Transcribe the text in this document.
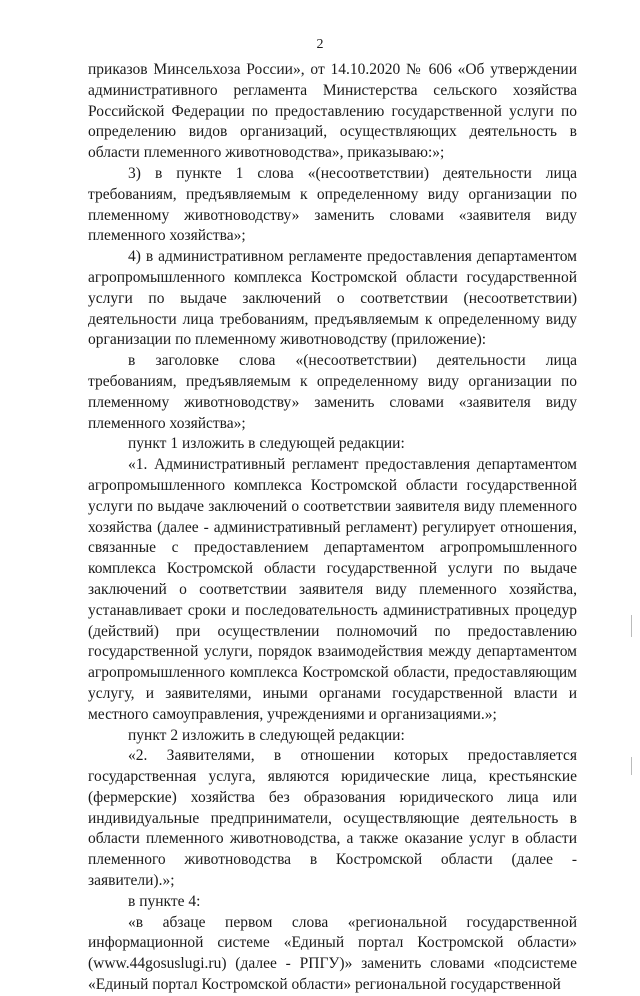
2

приказов Минсельхоза России», от 14.10.2020 № 606 «Об утверждении административного регламента Министерства сельского хозяйства Российской Федерации по предоставлению государственной услуги по определению видов организаций, осуществляющих деятельность в области племенного животноводства», приказываю:»;

3) в пункте 1 слова «(несоответствии) деятельности лица требованиям, предъявляемым к определенному виду организации по племенному животноводству» заменить словами «заявителя виду племенного хозяйства»;

4) в административном регламенте предоставления департаментом агропромышленного комплекса Костромской области государственной услуги по выдаче заключений о соответствии (несоответствии) деятельности лица требованиям, предъявляемым к определенному виду организации по племенному животноводству (приложение):

в заголовке слова «(несоответствии) деятельности лица требованиям, предъявляемым к определенному виду организации по племенному животноводству» заменить словами «заявителя виду племенного хозяйства»;

пункт 1 изложить в следующей редакции:

«1. Административный регламент предоставления департаментом агропромышленного комплекса Костромской области государственной услуги по выдаче заключений о соответствии заявителя виду племенного хозяйства (далее - административный регламент) регулирует отношения, связанные с предоставлением департаментом агропромышленного комплекса Костромской области государственной услуги по выдаче заключений о соответствии заявителя виду племенного хозяйства, устанавливает сроки и последовательность административных процедур (действий) при осуществлении полномочий по предоставлению государственной услуги, порядок взаимодействия между департаментом агропромышленного комплекса Костромской области, предоставляющим услугу, и заявителями, иными органами государственной власти и местного самоуправления, учреждениями и организациями.»;

пункт 2 изложить в следующей редакции:

«2. Заявителями, в отношении которых предоставляется государственная услуга, являются юридические лица, крестьянские (фермерские) хозяйства без образования юридического лица или индивидуальные предприниматели, осуществляющие деятельность в области племенного животноводства, а также оказание услуг в области племенного животноводства в Костромской области (далее - заявители).»;

в пункте 4:

«в абзаце первом слова «региональной государственной информационной системе «Единый портал Костромской области» (www.44gosuslugi.ru) (далее - РПГУ)» заменить словами «подсистеме «Единый портал Костромской области» региональной государственной
